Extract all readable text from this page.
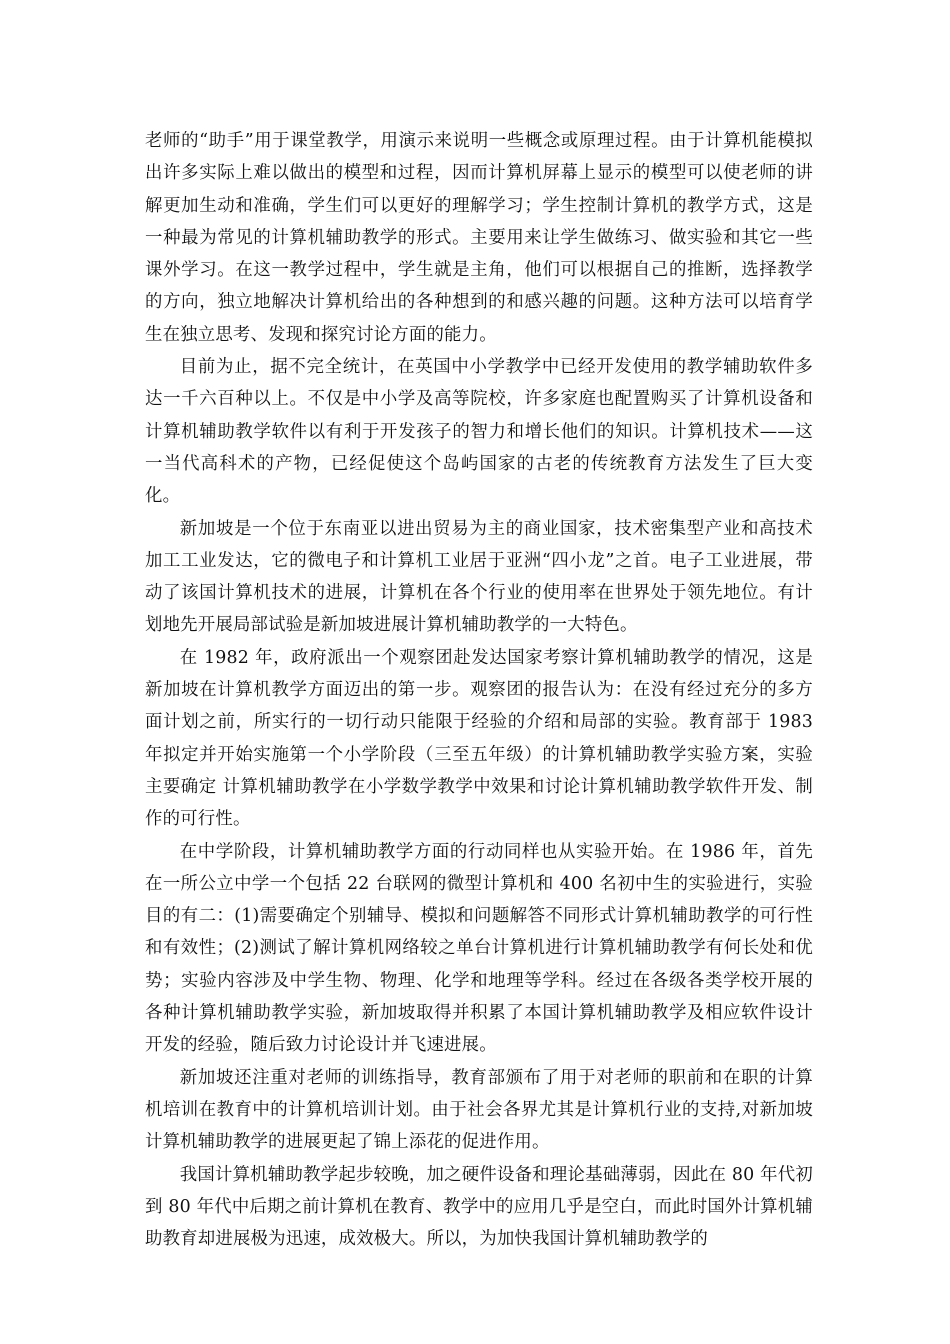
老师的“助手”用于课堂教学，用演示来说明一些概念或原理过程。由于计算机能模拟出许多实际上难以做出的模型和过程，因而计算机屏幕上显示的模型可以使老师的讲解更加生动和准确，学生们可以更好的理解学习；学生控制计算机的教学方式，这是一种最为常见的计算机辅助教学的形式。主要用来让学生做练习、做实验和其它一些课外学习。在这一教学过程中，学生就是主角，他们可以根据自己的推断，选择教学的方向，独立地解决计算机给出的各种想到的和感兴趣的问题。这种方法可以培育学生在独立思考、发现和探究讨论方面的能力。

目前为止，据不完全统计，在英国中小学教学中已经开发使用的教学辅助软件多达一千六百种以上。不仅是中小学及高等院校，许多家庭也配置购买了计算机设备和计算机辅助教学软件以有利于开发孩子的智力和增长他们的知识。计算机技术——这一当代高科术的产物，已经促使这个岛屿国家的古老的传统教育方法发生了巨大变化。

新加坡是一个位于东南亚以进出贸易为主的商业国家，技术密集型产业和高技术加工工业发达，它的微电子和计算机工业居于亚洲“四小龙”之首。电子工业进展，带动了该国计算机技术的进展，计算机在各个行业的使用率在世界处于领先地位。有计划地先开展局部试验是新加坡进展计算机辅助教学的一大特色。

在 1982 年，政府派出一个观察团赴发达国家考察计算机辅助教学的情况，这是新加坡在计算机教学方面迈出的第一步。观察团的报告认为：在没有经过充分的多方面计划之前，所实行的一切行动只能限于经验的介绍和局部的实验。教育部于 1983 年拟定并开始实施第一个小学阶段（三至五年级）的计算机辅助教学实验方案，实验主要确定 计算机辅助教学在小学数学教学中效果和讨论计算机辅助教学软件开发、制作的可行性。

在中学阶段，计算机辅助教学方面的行动同样也从实验开始。在 1986 年，首先在一所公立中学一个包括 22 台联网的微型计算机和 400 名初中生的实验进行，实验目的有二：(1)需要确定个别辅导、模拟和问题解答不同形式计算机辅助教学的可行性和有效性；(2)测试了解计算机网络较之单台计算机进行计算机辅助教学有何长处和优势；实验内容涉及中学生物、物理、化学和地理等学科。经过在各级各类学校开展的各种计算机辅助教学实验，新加坡取得并积累了本国计算机辅助教学及相应软件设计开发的经验，随后致力讨论设计并飞速进展。

新加坡还注重对老师的训练指导，教育部颁布了用于对老师的职前和在职的计算机培训在教育中的计算机培训计划。由于社会各界尤其是计算机行业的支持,对新加坡计算机辅助教学的进展更起了锦上添花的促进作用。

我国计算机辅助教学起步较晚，加之硬件设备和理论基础薄弱，因此在 80 年代初到 80 年代中后期之前计算机在教育、教学中的应用几乎是空白，而此时国外计算机辅助教育却进展极为迅速，成效极大。所以，为加快我国计算机辅助教学的
